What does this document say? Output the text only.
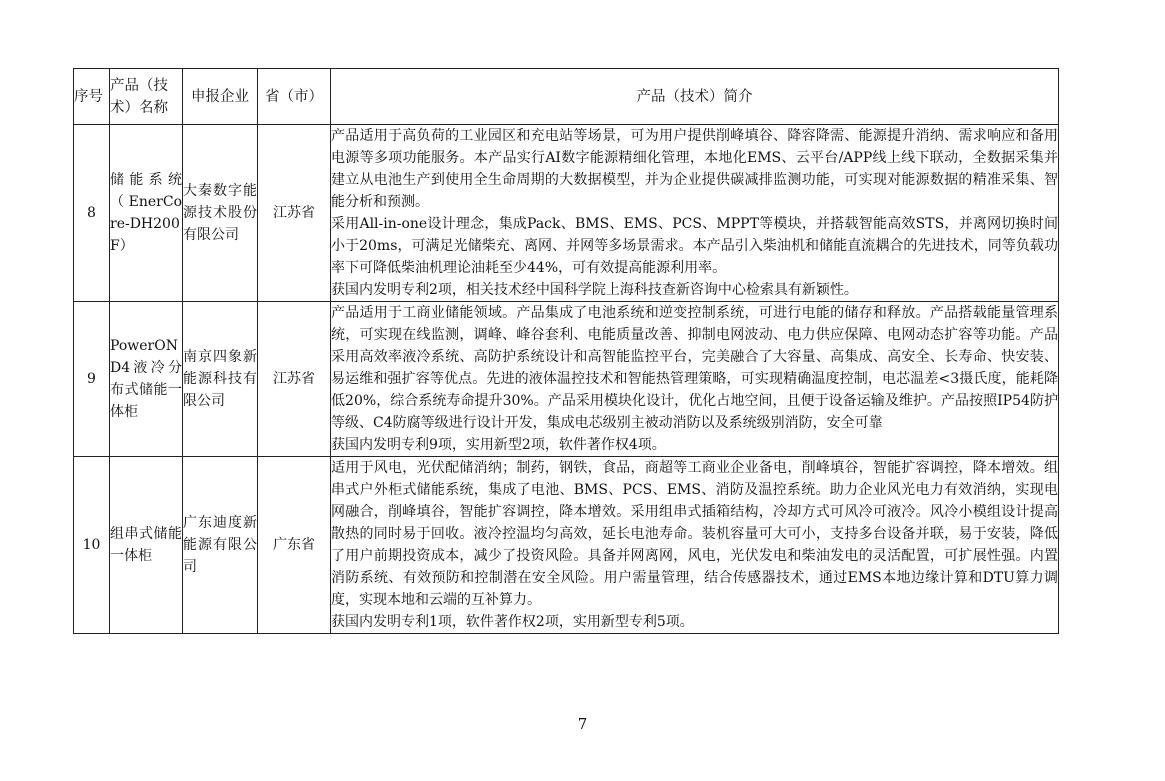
序号	产品（技术）名称	申报企业	省（市）	产品（技术）简介
8	储能系统（EnerCore-DH200F）	大秦数字能源技术股份有限公司	江苏省	产品适用于高负荷的工业园区和充电站等场景，可为用户提供削峰填谷、降容降需、能源提升消纳、需求响应和备用电源等多项功能服务。本产品实行AI数字能源精细化管理，本地化EMS、云平台/APP线上线下联动，全数据采集并建立从电池生产到使用全生命周期的大数据模型，并为企业提供碳减排监测功能，可实现对能源数据的精准采集、智能分析和预测。

采用All-in-one设计理念，集成Pack、BMS、EMS、PCS、MPPT等模块，并搭载智能高效STS，并离网切换时间小于20ms，可满足光储柴充、离网、并网等多场景需求。本产品引入柴油机和储能直流耦合的先进技术，同等负载功率下可降低柴油机理论油耗至少44%，可有效提高能源利用率。

获国内发明专利2项，相关技术经中国科学院上海科技查新咨询中心检索具有新颖性。

9	PowerOND4液冷分布式储能一体柜	南京四象新能源科技有限公司	江苏省	产品适用于工商业储能领域。产品集成了电池系统和逆变控制系统，可进行电能的储存和释放。产品搭载能量管理系统，可实现在线监测，调峰、峰谷套利、电能质量改善、抑制电网波动、电力供应保障、电网动态扩容等功能。产品采用高效率液冷系统、高防护系统设计和高智能监控平台，完美融合了大容量、高集成、高安全、长寿命、快安装、易运维和强扩容等优点。先进的液体温控技术和智能热管理策略，可实现精确温度控制，电芯温差<3摄氏度，能耗降低20%，综合系统寿命提升30%。产品采用模块化设计，优化占地空间，且便于设备运输及维护。产品按照IP54防护等级、C4防腐等级进行设计开发，集成电芯级别主被动消防以及系统级别消防，安全可靠

获国内发明专利9项，实用新型2项，软件著作权4项。

10	组串式储能一体柜	广东迪度新能源有限公司	广东省	适用于风电，光伏配储消纳；制药，钢铁，食品，商超等工商业企业备电，削峰填谷，智能扩容调控，降本增效。组串式户外柜式储能系统，集成了电池、BMS、PCS、EMS、消防及温控系统。助力企业风光电力有效消纳，实现电网融合，削峰填谷，智能扩容调控，降本增效。采用组串式插箱结构，冷却方式可风冷可液冷。风冷小模组设计提高散热的同时易于回收。液冷控温均匀高效，延长电池寿命。装机容量可大可小，支持多台设备并联，易于安装，降低了用户前期投资成本，减少了投资风险。具备并网离网，风电，光伏发电和柴油发电的灵活配置，可扩展性强。内置消防系统、有效预防和控制潜在安全风险。用户需量管理，结合传感器技术，通过EMS本地边缘计算和DTU算力调度，实现本地和云端的互补算力。

获国内发明专利1项，软件著作权2项，实用新型专利5项。

7
